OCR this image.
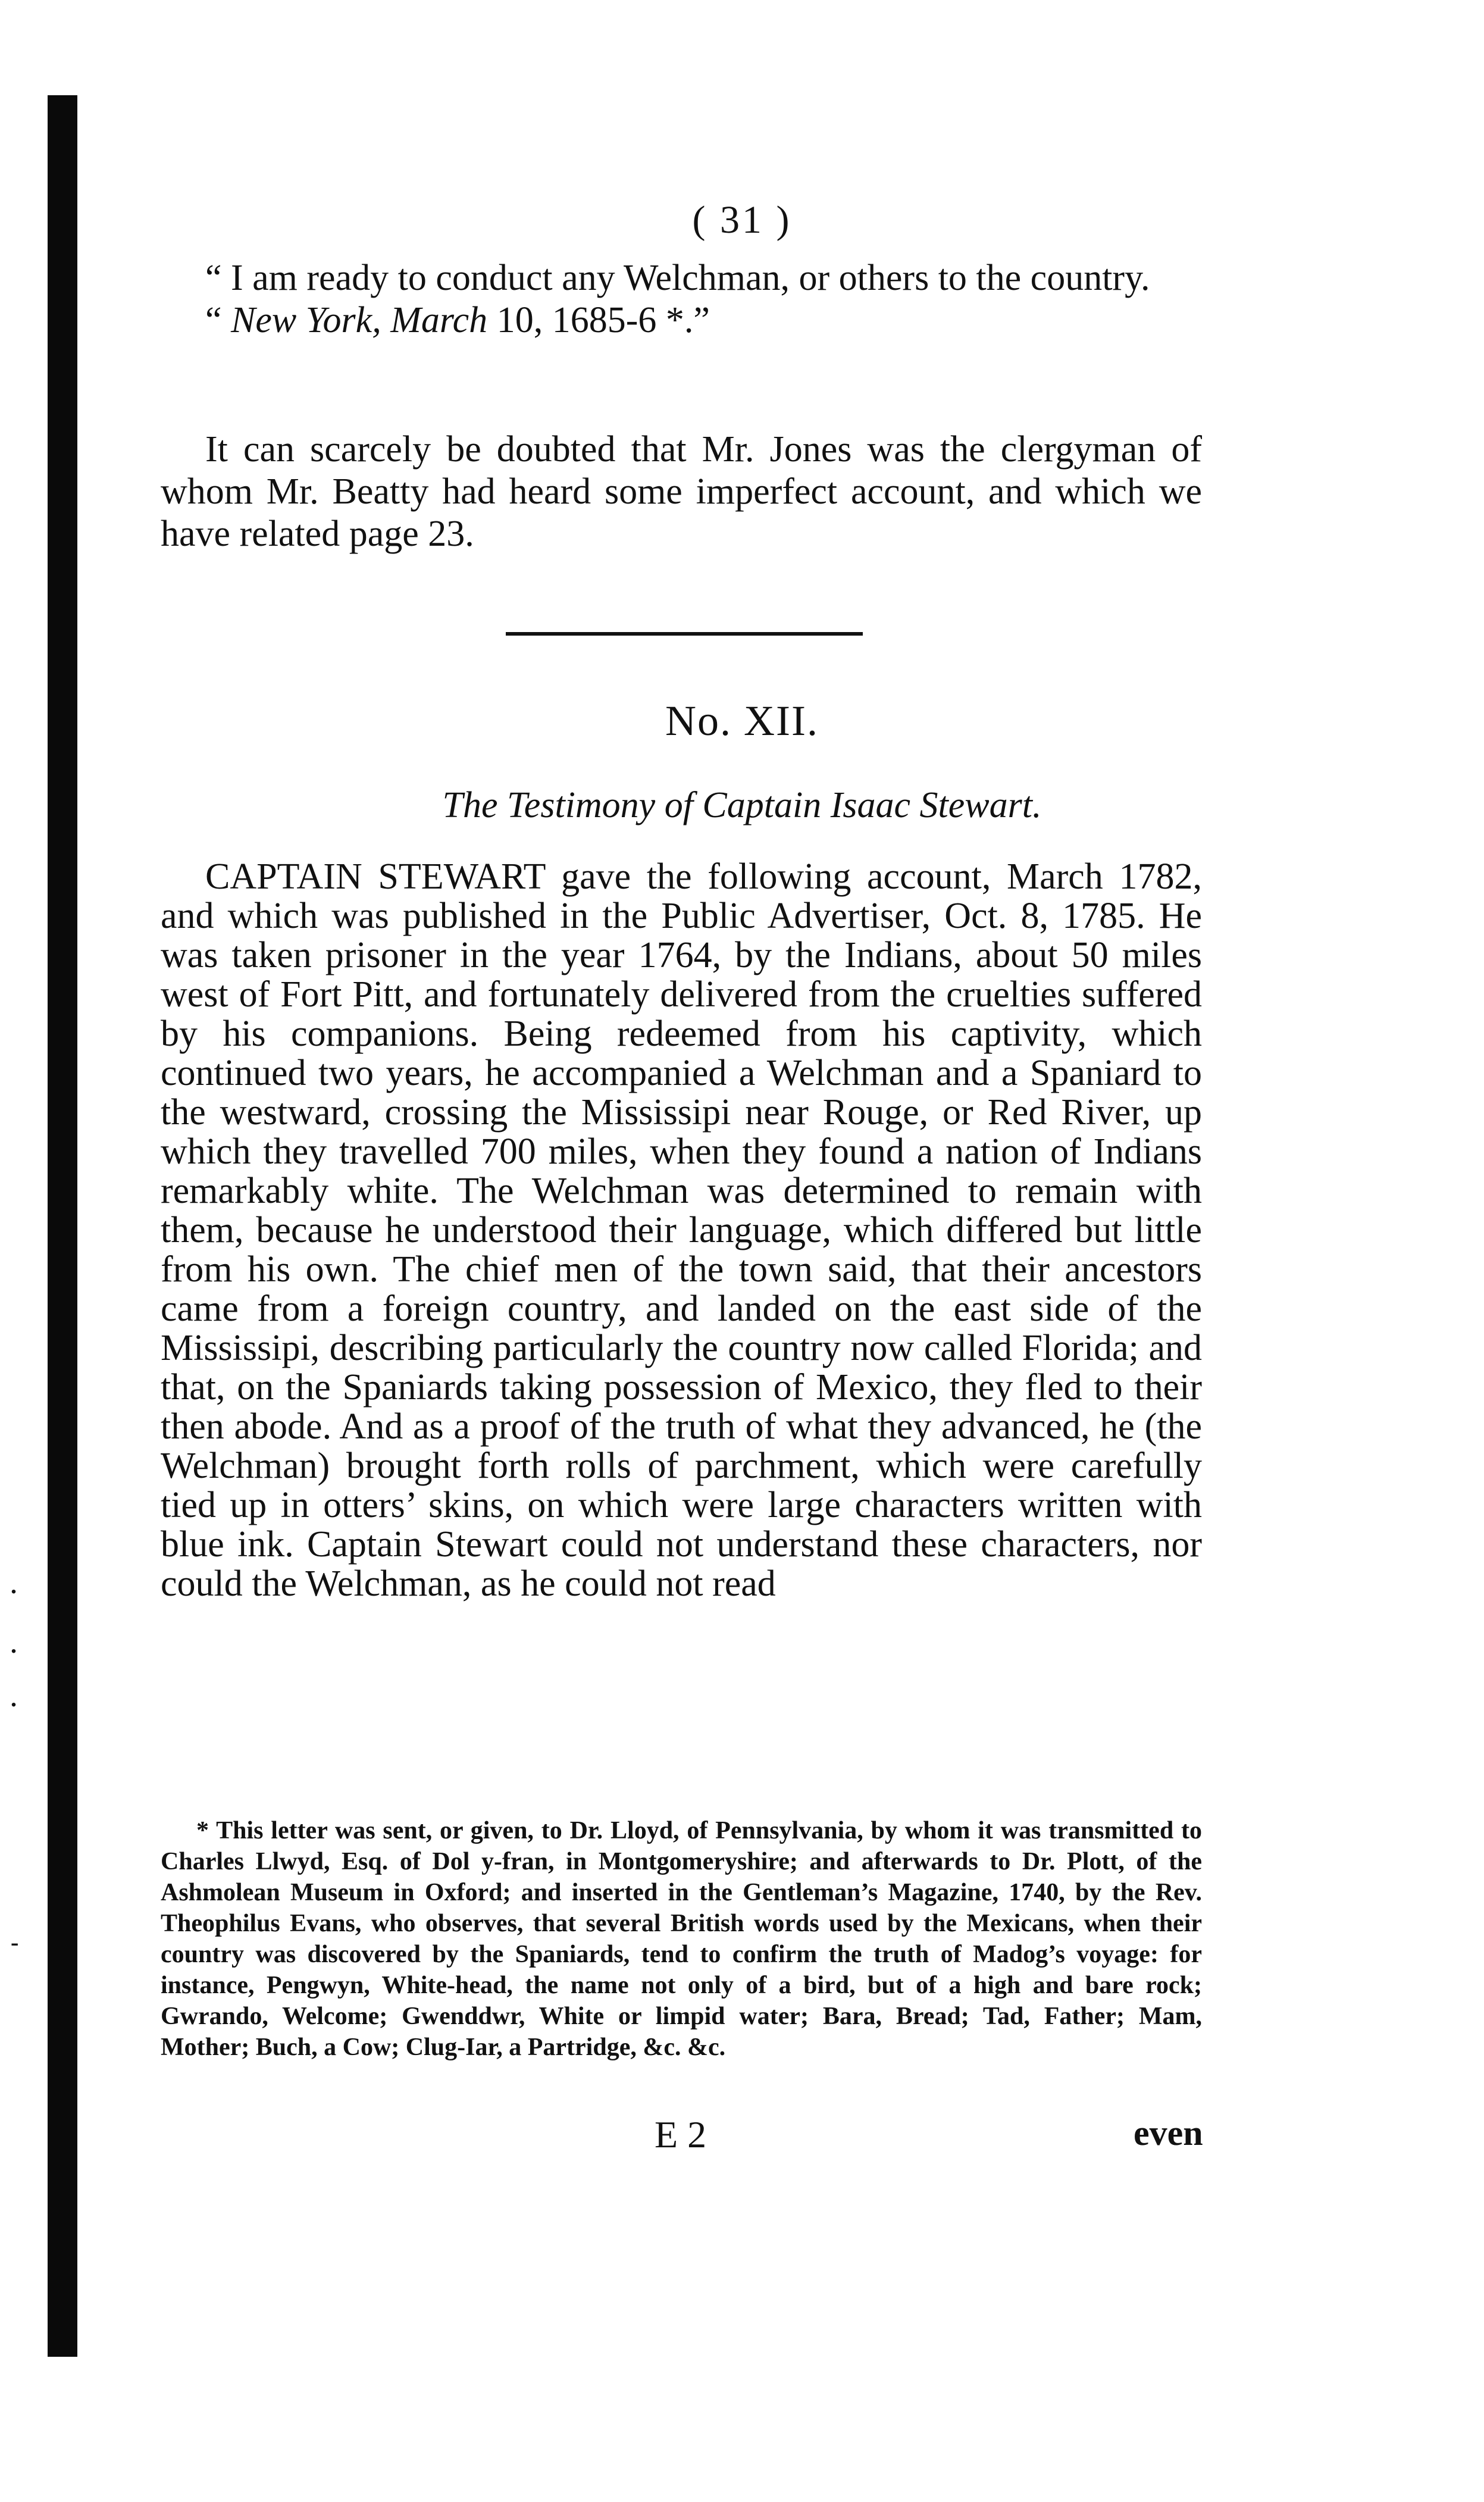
( 31 )

“ I am ready to conduct any Welchman, or others to the country.

“ New York, March 10, 1685-6 *.”

It can scarcely be doubted that Mr. Jones was the clergyman of whom Mr. Beatty had heard some imperfect account, and which we have related page 23.

No. XII.
The Testimony of Captain Isaac Stewart.

CAPTAIN STEWART gave the following account, March 1782, and which was published in the Public Advertiser, Oct. 8, 1785. He was taken prisoner in the year 1764, by the Indians, about 50 miles west of Fort Pitt, and fortunately delivered from the cruelties suffered by his companions. Being redeemed from his captivity, which continued two years, he accompanied a Welchman and a Spaniard to the westward, crossing the Mississipi near Rouge, or Red River, up which they travelled 700 miles, when they found a nation of Indians remarkably white. The Welchman was determined to remain with them, because he understood their language, which differed but little from his own. The chief men of the town said, that their ancestors came from a foreign country, and landed on the east side of the Mississipi, describing particularly the country now called Florida; and that, on the Spaniards taking possession of Mexico, they fled to their then abode. And as a proof of the truth of what they advanced, he (the Welchman) brought forth rolls of parchment, which were carefully tied up in otters’ skins, on which were large characters written with blue ink. Captain Stewart could not understand these characters, nor could the Welchman, as he could not read

* This letter was sent, or given, to Dr. Lloyd, of Pennsylvania, by whom it was transmitted to Charles Llwyd, Esq. of Dol y-fran, in Montgomeryshire; and afterwards to Dr. Plott, of the Ashmolean Museum in Oxford; and inserted in the Gentleman’s Magazine, 1740, by the Rev. Theophilus Evans, who observes, that several British words used by the Mexicans, when their country was discovered by the Spaniards, tend to confirm the truth of Madog’s voyage: for instance, Pengwyn, White-head, the name not only of a bird, but of a high and bare rock; Gwrando, Welcome; Gwenddwr, White or limpid water; Bara, Bread; Tad, Father; Mam, Mother; Buch, a Cow; Clug-Iar, a Partridge, &c. &c.

E 2	even
.
.
.
-
